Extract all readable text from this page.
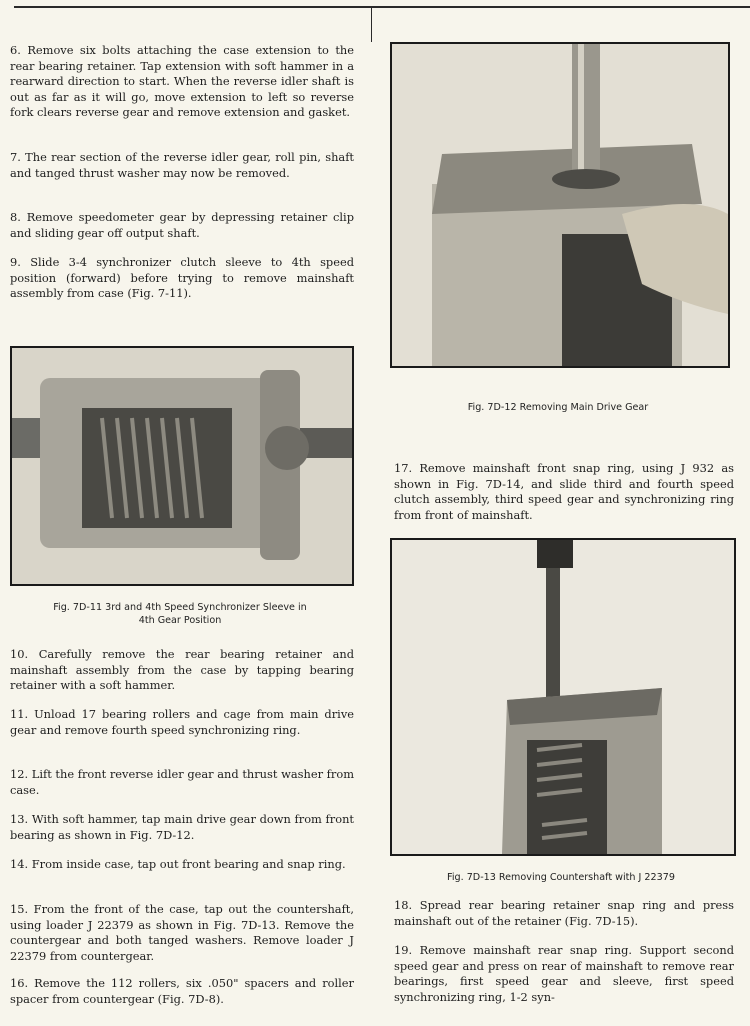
6. Remove six bolts attaching the case extension to the rear bearing retainer. Tap extension with soft hammer in a rearward direction to start. When the reverse idler shaft is out as far as it will go, move extension to left so reverse fork clears reverse gear and remove extension and gasket.

7. The rear section of the reverse idler gear, roll pin, shaft and tanged thrust washer may now be removed.

8. Remove speedometer gear by depressing retainer clip and sliding gear off output shaft.

9. Slide 3-4 synchronizer clutch sleeve to 4th speed position (forward) before trying to remove mainshaft assembly from case (Fig. 7-11).

Fig. 7D-11 3rd and 4th Speed Synchronizer Sleeve in
4th Gear Position

10. Carefully remove the rear bearing retainer and mainshaft assembly from the case by tapping bearing retainer with a soft hammer.

11. Unload 17 bearing rollers and cage from main drive gear and remove fourth speed synchronizing ring.

12. Lift the front reverse idler gear and thrust washer from case.

13. With soft hammer, tap main drive gear down from front bearing as shown in Fig. 7D-12.

14. From inside case, tap out front bearing and snap ring.

15. From the front of the case, tap out the countershaft, using loader J 22379 as shown in Fig. 7D-13. Remove the countergear and both tanged washers. Remove loader J 22379 from countergear.

16. Remove the 112 rollers, six .050" spacers and roller spacer from countergear (Fig. 7D-8).

Fig. 7D-12 Removing Main Drive Gear

17. Remove mainshaft front snap ring, using J 932 as shown in Fig. 7D-14, and slide third and fourth speed clutch assembly, third speed gear and synchronizing ring from front of mainshaft.

Fig. 7D-13 Removing Countershaft with J 22379

18. Spread rear bearing retainer snap ring and press mainshaft out of the retainer (Fig. 7D-15).

19. Remove mainshaft rear snap ring. Support second speed gear and press on rear of mainshaft to remove rear bearings, first speed gear and sleeve, first speed synchronizing ring, 1-2 syn-
